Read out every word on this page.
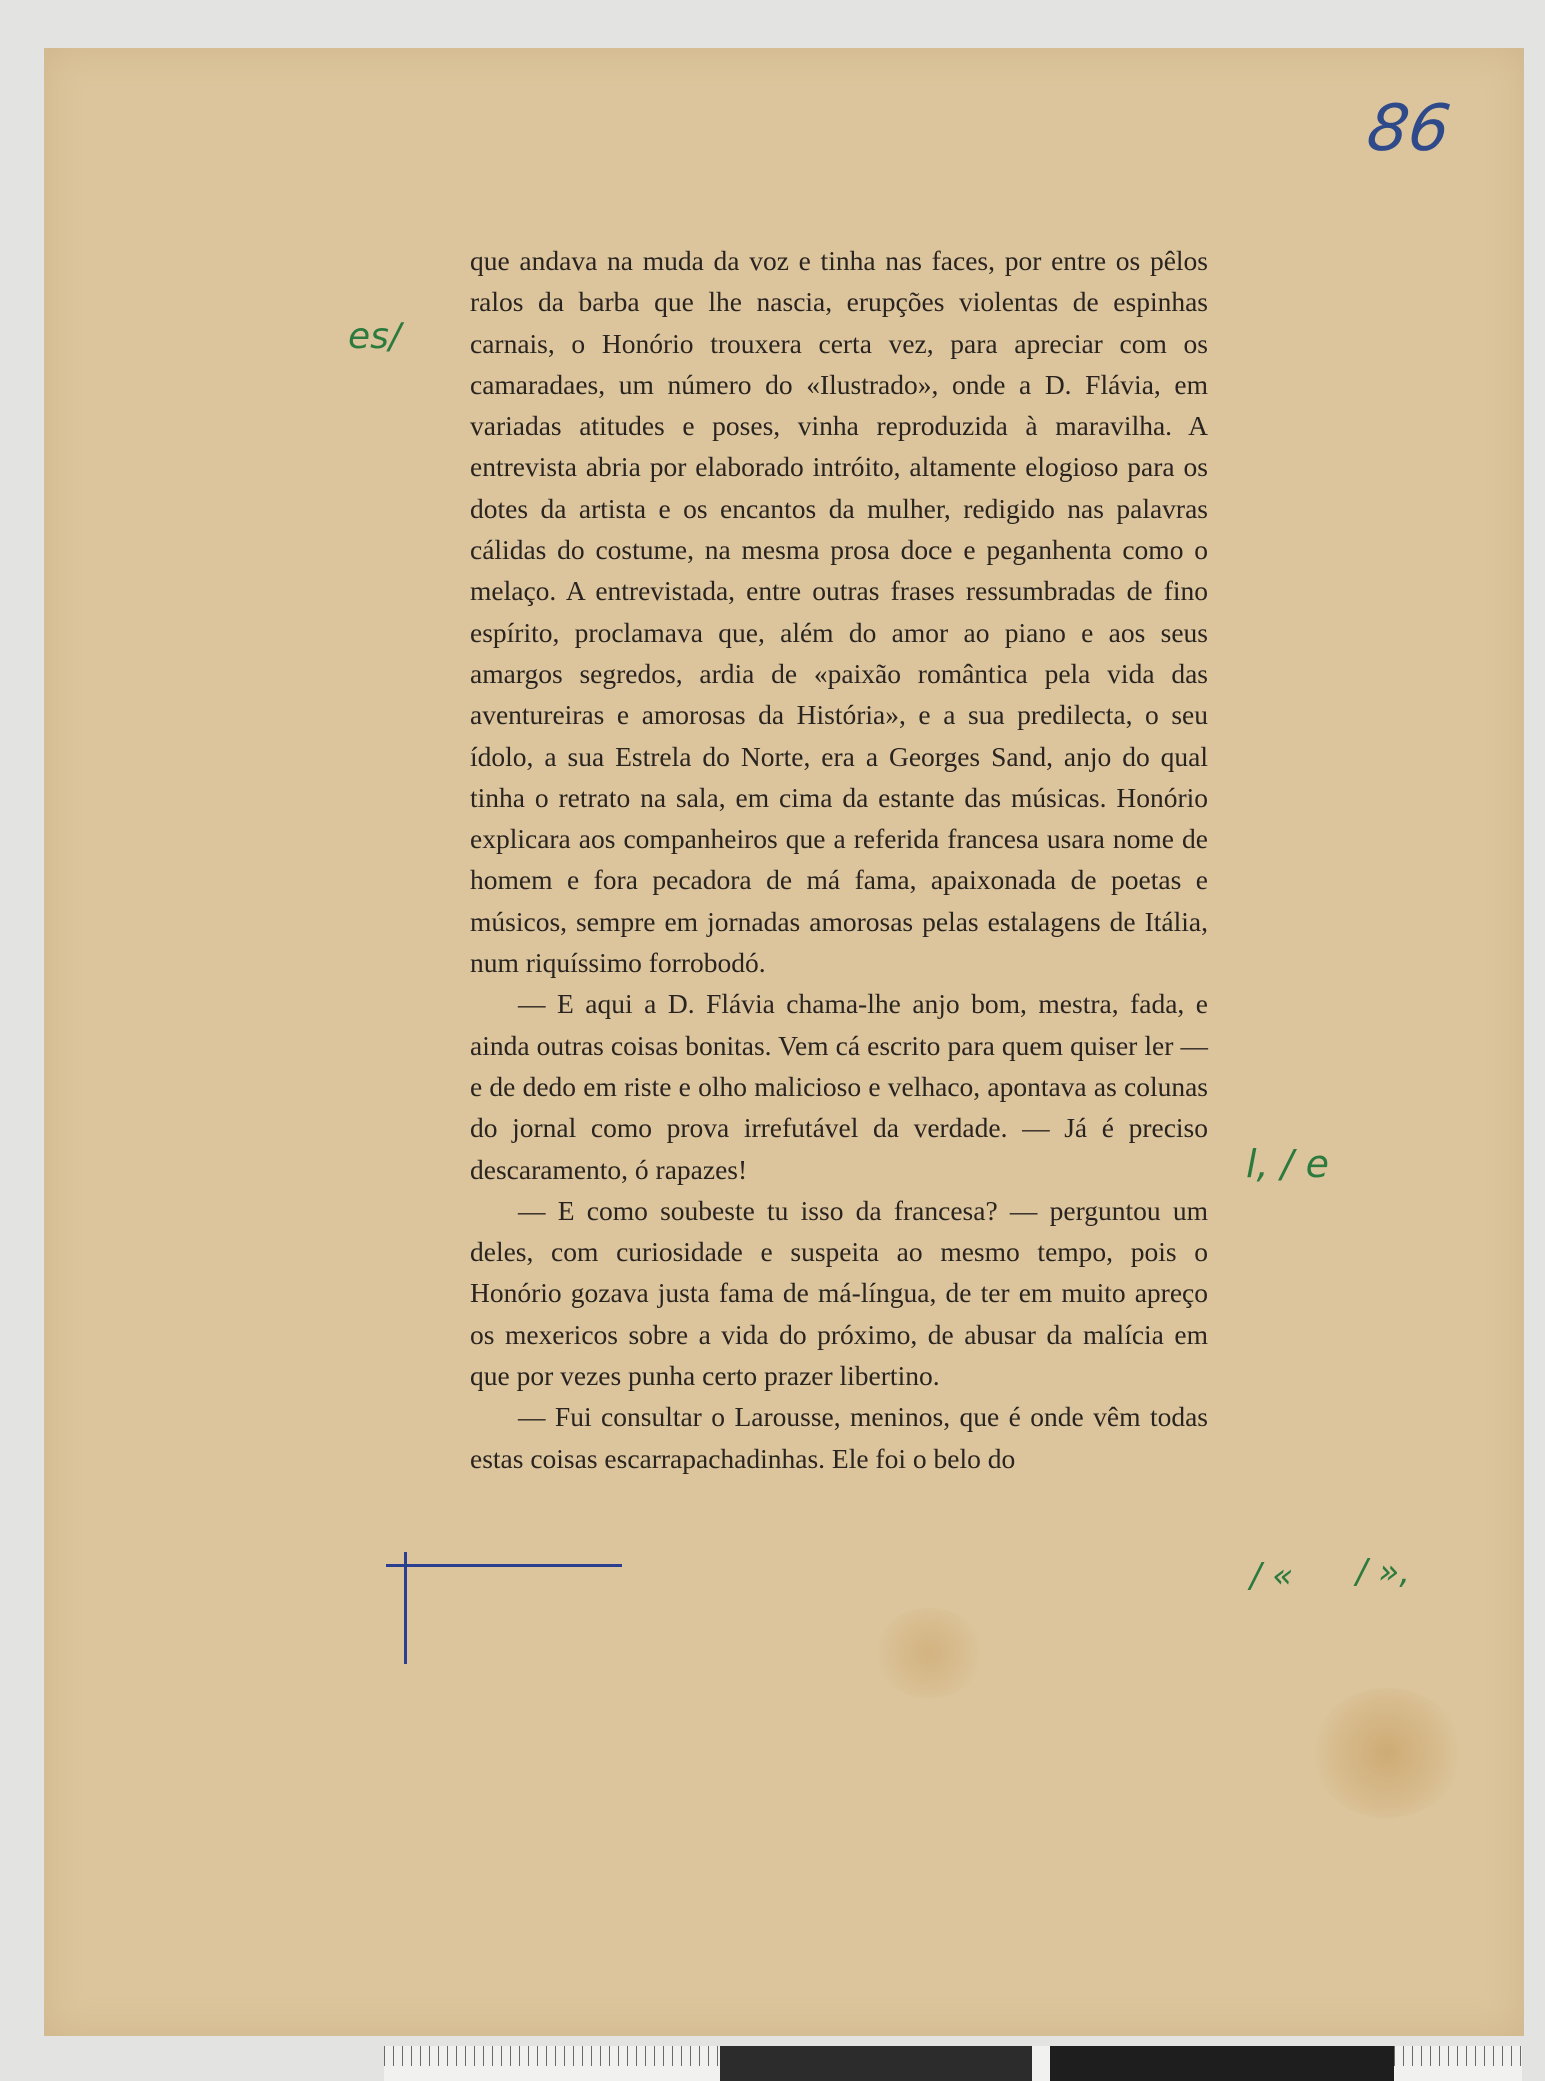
86
es/
l, / e
/ « / »,

que andava na muda da voz e tinha nas faces, por entre os pêlos ralos da barba que lhe nascia, erupções violentas de espinhas carnais, o Honório trouxera certa vez, para apreciar com os camaradaes, um número do «Ilustrado», onde a D. Flávia, em variadas atitudes e poses, vinha reproduzida à maravilha. A entrevista abria por elaborado intróito, altamente elogioso para os dotes da artista e os encantos da mulher, redigido nas palavras cálidas do costume, na mesma prosa doce e peganhenta como o melaço. A entrevistada, entre outras frases ressumbradas de fino espírito, proclamava que, além do amor ao piano e aos seus amargos segredos, ardia de «paixão romântica pela vida das aventureiras e amorosas da História», e a sua predilecta, o seu ídolo, a sua Estrela do Norte, era a Georges Sand, anjo do qual tinha o retrato na sala, em cima da estante das músicas. Honório explicara aos companheiros que a referida francesa usara nome de homem e fora pecadora de má fama, apaixonada de poetas e músicos, sempre em jornadas amorosas pelas estalagens de Itália, num riquíssimo forrobodó.

— E aqui a D. Flávia chama-lhe anjo bom, mestra, fada, e ainda outras coisas bonitas. Vem cá escrito para quem quiser ler — e de dedo em riste e olho malicioso e velhaco, apontava as colunas do jornal como prova irrefutável da verdade. — Já é preciso descaramento, ó rapazes!

— E como soubeste tu isso da francesa? — perguntou um deles, com curiosidade e suspeita ao mesmo tempo, pois o Honório gozava justa fama de má-língua, de ter em muito apreço os mexericos sobre a vida do próximo, de abusar da malícia em que por vezes punha certo prazer libertino.

— Fui consultar o Larousse, meninos, que é onde vêm todas estas coisas escarrapachadinhas. Ele foi o belo do
